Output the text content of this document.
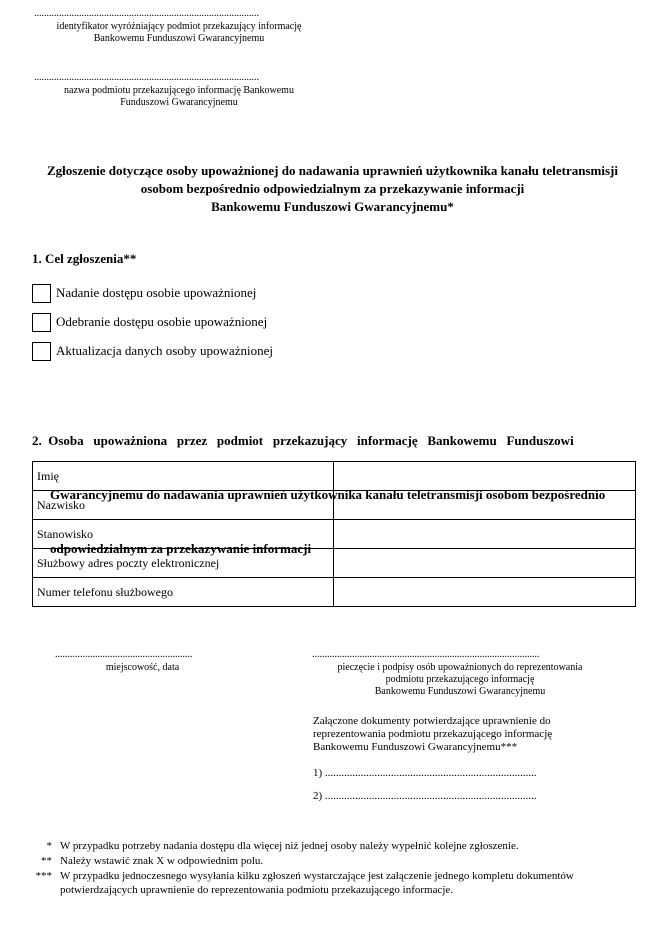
..........................................................................................
identyfikator wyróżniający podmiot przekazujący informację
Bankowemu Funduszowi Gwarancyjnemu
..........................................................................................
nazwa podmiotu przekazującego informację Bankowemu
Funduszowi Gwarancyjnemu
Zgłoszenie dotyczące osoby upoważnionej do nadawania uprawnień użytkownika kanału teletransmisji
osobom bezpośrednio odpowiedzialnym za przekazywanie informacji
Bankowemu Funduszowi Gwarancyjnemu*
1. Cel zgłoszenia**
Nadanie dostępu osobie upoważnionej
Odebranie dostępu osobie upoważnionej
Aktualizacja danych osoby upoważnionej

2.  Osoba   upoważniona   przez   podmiot   przekazujący   informację   Bankowemu   Funduszowi

Gwarancyjnemu do nadawania uprawnień użytkownika kanału teletransmisji osobom bezpośrednio

odpowiedzialnym za przekazywanie informacji

Imię	
Nazwisko	
Stanowisko	
Służbowy adres poczty elektronicznej	
Numer telefonu służbowego	
.......................................................
miejscowość, data
...........................................................................................
pieczęcie i podpisy osób upoważnionych do reprezentowania
podmiotu przekazującego informację
Bankowemu Funduszowi Gwarancyjnemu
Załączone dokumenty potwierdzające uprawnienie do
reprezentowania podmiotu przekazującego informację
Bankowemu Funduszowi Gwarancyjnemu***
1) .............................................................................
2) .............................................................................
* W przypadku potrzeby nadania dostępu dla więcej niż jednej osoby należy wypełnić kolejne zgłoszenie.
** Należy wstawić znak X w odpowiednim polu.
*** W przypadku jednoczesnego wysyłania kilku zgłoszeń wystarczające jest załączenie jednego kompletu dokumentów
potwierdzających uprawnienie do reprezentowania podmiotu przekazującego informacje.
